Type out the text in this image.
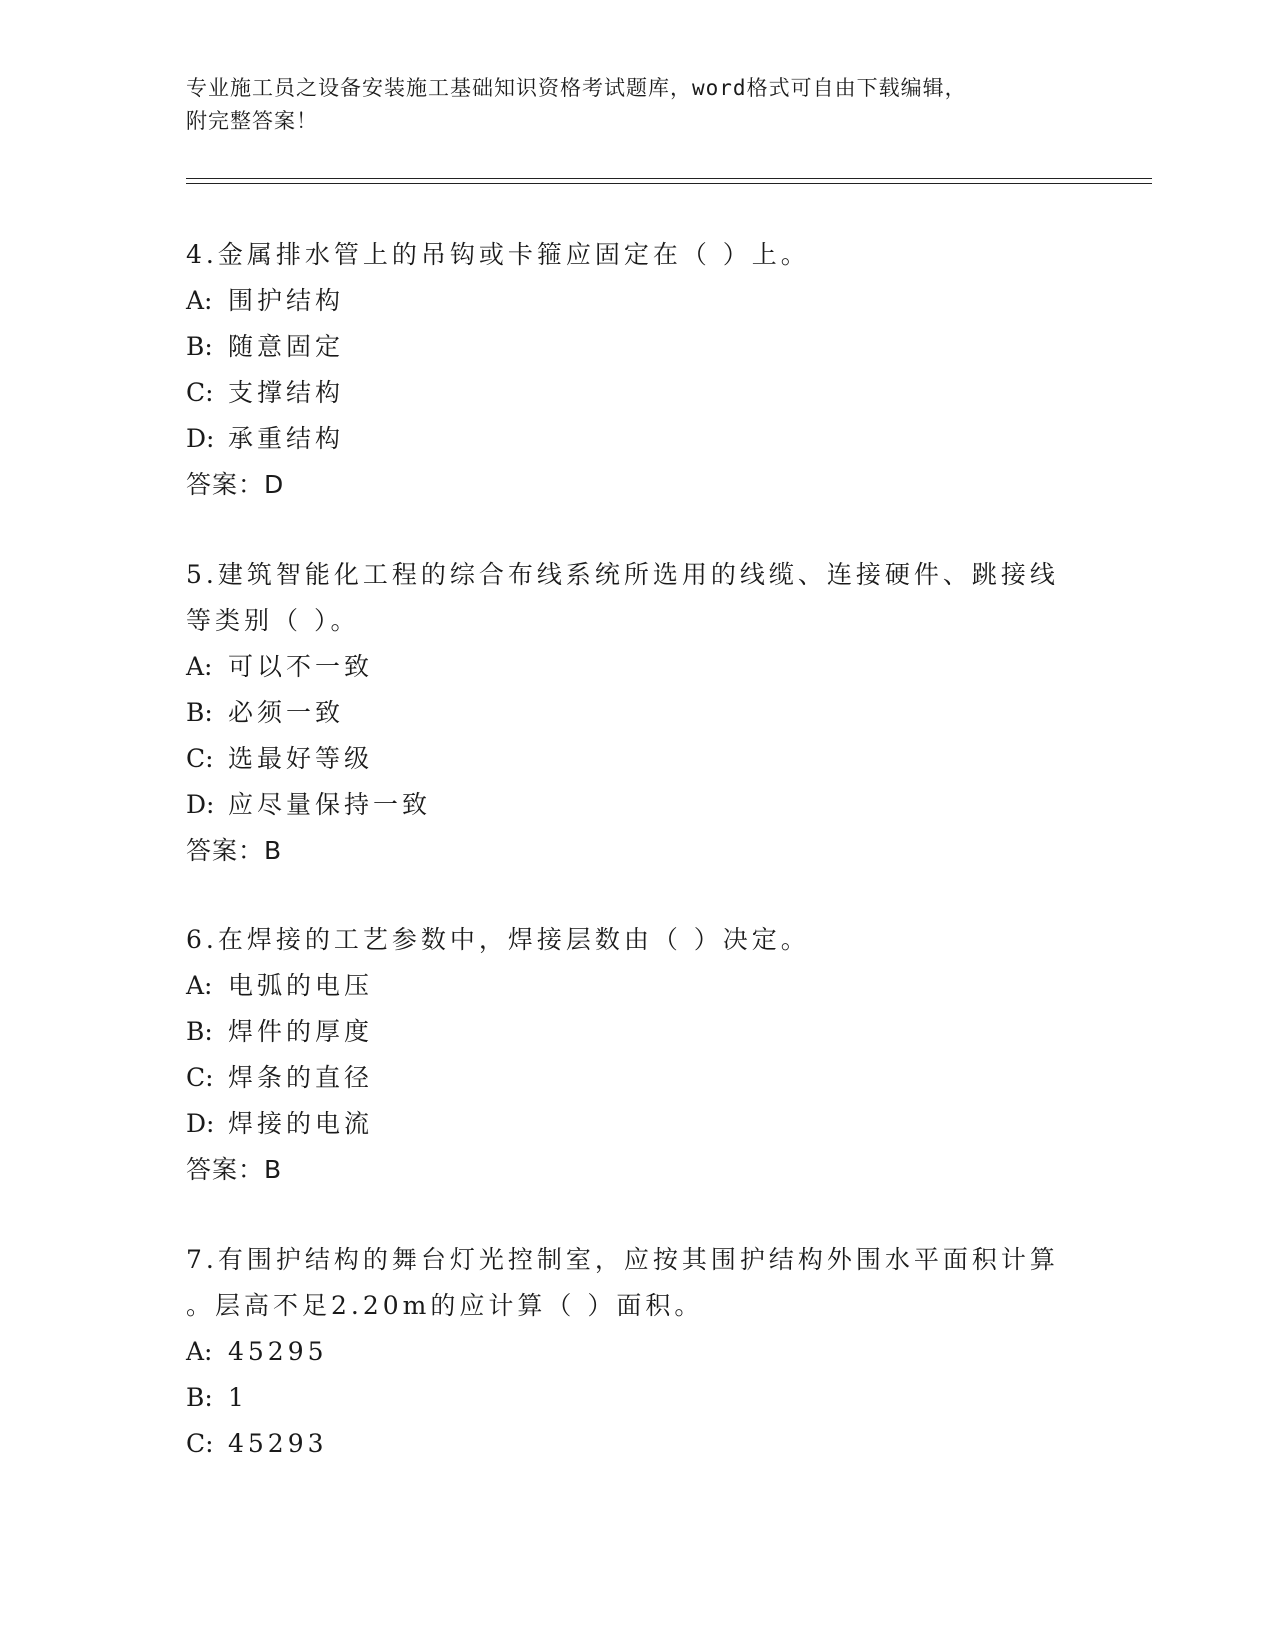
专业施工员之设备安装施工基础知识资格考试题库，word格式可自由下载编辑，
附完整答案！
4.金属排水管上的吊钩或卡箍应固定在（ ）上。
A: 围护结构
B: 随意固定
C: 支撑结构
D: 承重结构
答案：D
5.建筑智能化工程的综合布线系统所选用的线缆、连接硬件、跳接线
等类别（ ）。
A: 可以不一致
B: 必须一致
C: 选最好等级
D: 应尽量保持一致
答案：B
6.在焊接的工艺参数中，焊接层数由（ ）决定。
A: 电弧的电压
B: 焊件的厚度
C: 焊条的直径
D: 焊接的电流
答案：B
7.有围护结构的舞台灯光控制室，应按其围护结构外围水平面积计算
。层高不足2.20m的应计算（ ）面积。
A: 45295
B: 1
C: 45293
